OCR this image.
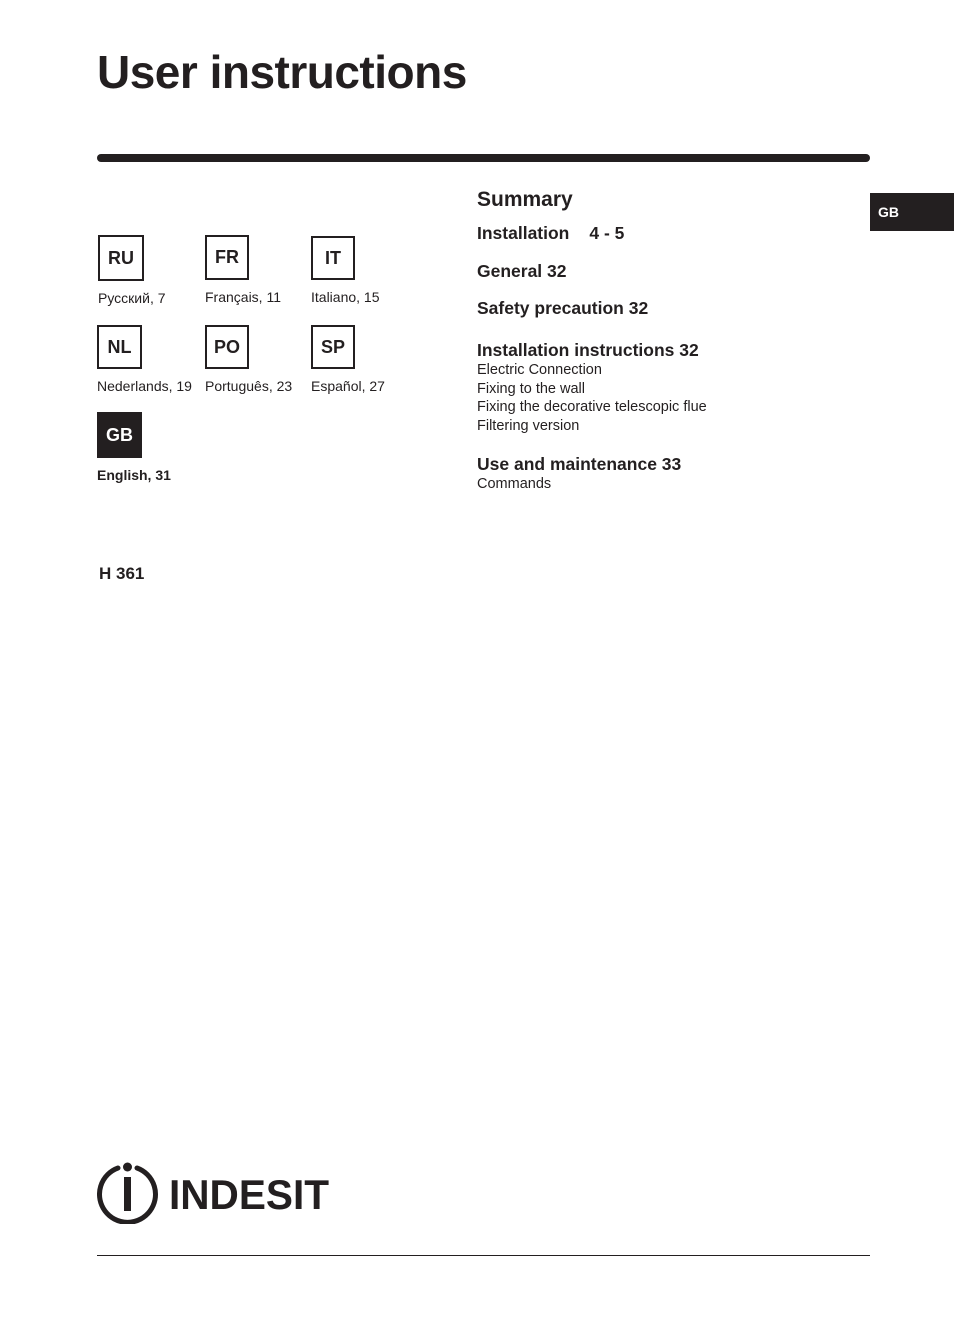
User instructions
GB
RU
Русский, 7
FR
Français, 11
IT
Italiano, 15
NL
Nederlands, 19
PO
Português, 23
SP
Español, 27
GB
English, 31
H 361
Summary
Installation 4 - 5
General 32
Safety precaution 32
Installation instructions 32
Electric Connection
Fixing to the wall
Fixing the decorative telescopic flue
Filtering version
Use and maintenance 33
Commands
INDESIT
